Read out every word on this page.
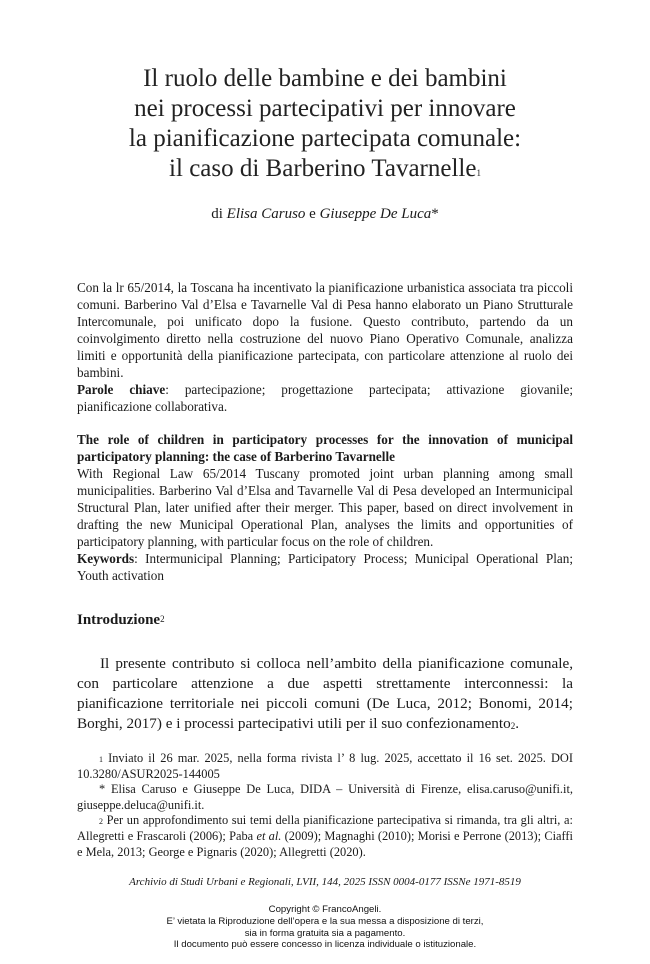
Il ruolo delle bambine e dei bambini
nei processi partecipativi per innovare
la pianificazione partecipata comunale:
il caso di Barberino Tavarnelle$^1$
di Elisa Caruso e Giuseppe De Luca*

Con la lr 65/2014, la Toscana ha incentivato la pianificazione urbanistica associata tra piccoli comuni. Barberino Val d’Elsa e Tavarnelle Val di Pesa hanno elaborato un Piano Strutturale Intercomunale, poi unificato dopo la fusione. Questo contributo, partendo da un coinvolgimento diretto nella costruzione del nuovo Piano Operativo Comunale, analizza limiti e opportunità della pianificazione partecipata, con particolare attenzione al ruolo dei bambini.

Parole chiave: partecipazione; progettazione partecipata; attivazione giovanile; pianificazione collaborativa.

The role of children in participatory processes for the innovation of municipal participatory planning: the case of Barberino Tavarnelle

With Regional Law 65/2014 Tuscany promoted joint urban planning among small municipalities. Barberino Val d’Elsa and Tavarnelle Val di Pesa developed an Intermunicipal Structural Plan, later unified after their merger. This paper, based on direct involvement in drafting the new Municipal Operational Plan, analyses the limits and opportunities of participatory planning, with particular focus on the role of children.

Keywords: Intermunicipal Planning; Participatory Process; Municipal Operational Plan; Youth activation

Introduzione$^2$

Il presente contributo si colloca nell’ambito della pianificazione comunale, con particolare attenzione a due aspetti strettamente interconnessi: la pianificazione territoriale nei piccoli comuni (De Luca, 2012; Bonomi, 2014; Borghi, 2017) e i processi partecipativi utili per il suo confezionamento$^2$.

$^1$ Inviato il 26 mar. 2025, nella forma rivista l’ 8 lug. 2025, accettato il 16 set. 2025. DOI 10.3280/ASUR2025-144005

* Elisa Caruso e Giuseppe De Luca, DIDA – Università di Firenze, elisa.caruso@unifi.it, giuseppe.deluca@unifi.it.

$^2$ Per un approfondimento sui temi della pianificazione partecipativa si rimanda, tra gli altri, a: Allegretti e Frascaroli (2006); Paba et al. (2009); Magnaghi (2010); Morisi e Perrone (2013); Ciaffi e Mela, 2013; George e Pignaris (2020); Allegretti (2020).

Archivio di Studi Urbani e Regionali, LVII, 144, 2025 ISSN 0004-0177 ISSNe 1971-8519
Copyright © FrancoAngeli.
E’ vietata la Riproduzione dell’opera e la sua messa a disposizione di terzi,
sia in forma gratuita sia a pagamento.
Il documento può essere concesso in licenza individuale o istituzionale.
